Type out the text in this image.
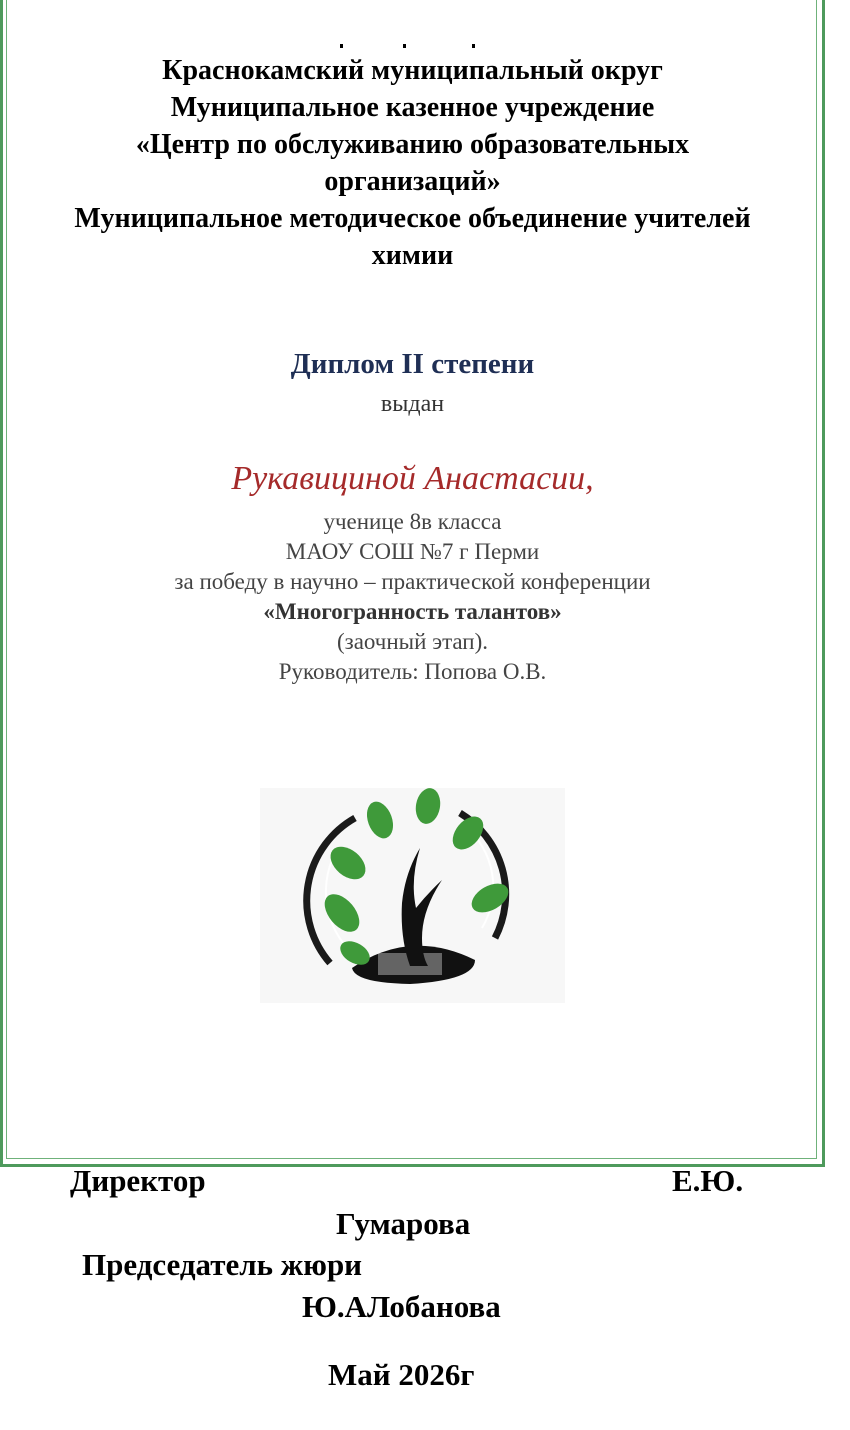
Краснокамский муниципальный округ
Муниципальное казенное учреждение
«Центр по обслуживанию образовательных
организаций»
Муниципальное методическое объединение учителей
химии
Диплом II степени
выдан
Рукавициной Анастасии,
ученице 8в класса
МАОУ СОШ №7 г Перми
за победу в научно – практической конференции
«Многогранность талантов»
(заочный этап).
Руководитель: Попова О.В.
Директор	Е.Ю.
Гумарова
Председатель жюри
Ю.АЛобанова
Май 2026г
